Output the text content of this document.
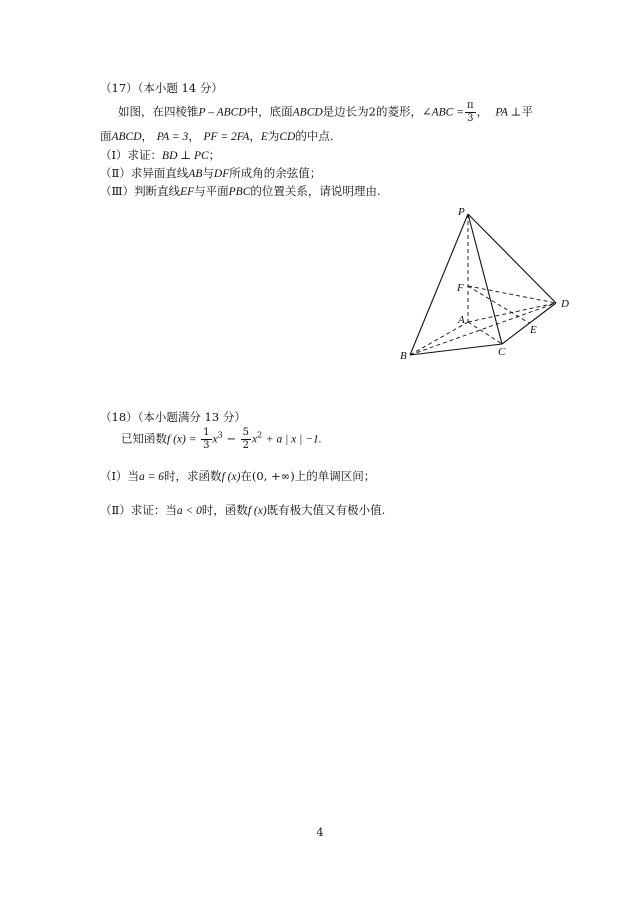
（17）（本小题 14 分）
如图，在四棱锥P – ABCD中，底面ABCD是边长为2的菱形，∠ABC = $\frac{\pi}{3}$ ， PA ⊥平
面ABCD， PA = 3， PF = 2FA，E为CD的中点.
（Ⅰ）求证：BD ⊥ PC；
（Ⅱ）求异面直线AB与DF所成角的余弦值；
（Ⅲ）判断直线EF与平面PBC的位置关系，请说明理由.
P
F
A
B	C
D
E
（18）（本小题满分 13 分）
已知函数f $(x) = \frac{1}{3} x^3 - \frac{5}{2} x^2 + a$ | x | −1.
（Ⅰ）当a = 6时，求函数f (x)在(0, +∞)上的单调区间；
（Ⅱ）求证：当a < 0时，函数f (x)既有极大值又有极小值.
4
